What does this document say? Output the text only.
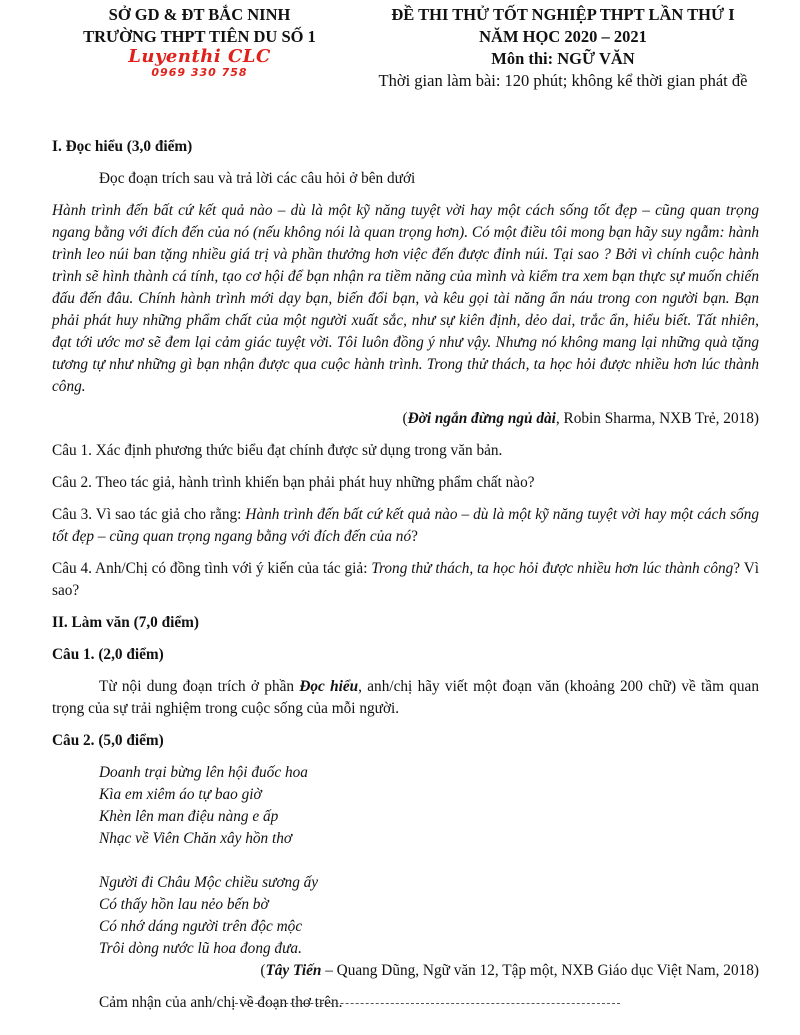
SỞ GD & ĐT BẮC NINH
TRƯỜNG THPT TIÊN DU SỐ 1
Luyenthi CLC
0969 330 758
ĐỀ THI THỬ TỐT NGHIỆP THPT LẦN THỨ I
NĂM HỌC 2020 – 2021
Môn thi: NGỮ VĂN
Thời gian làm bài: 120 phút; không kể thời gian phát đề

I. Đọc hiểu (3,0 điểm)

Đọc đoạn trích sau và trả lời các câu hỏi ở bên dưới

Hành trình đến bất cứ kết quả nào – dù là một kỹ năng tuyệt vời hay một cách sống tốt đẹp – cũng quan trọng ngang bằng với đích đến của nó (nếu không nói là quan trọng hơn). Có một điều tôi mong bạn hãy suy ngẫm: hành trình leo núi ban tặng nhiều giá trị và phần thưởng hơn việc đến được đỉnh núi. Tại sao ? Bởi vì chính cuộc hành trình sẽ hình thành cá tính, tạo cơ hội để bạn nhận ra tiềm năng của mình và kiểm tra xem bạn thực sự muốn chiến đấu đến đâu. Chính hành trình mới dạy bạn, biến đổi bạn, và kêu gọi tài năng ẩn náu trong con người bạn. Bạn phải phát huy những phẩm chất của một người xuất sắc, như sự kiên định, dẻo dai, trắc ẩn, hiểu biết. Tất nhiên, đạt tới ước mơ sẽ đem lại cảm giác tuyệt vời. Tôi luôn đồng ý như vậy. Nhưng nó không mang lại những quà tặng tương tự như những gì bạn nhận được qua cuộc hành trình. Trong thử thách, ta học hỏi được nhiều hơn lúc thành công.

(Đời ngắn đừng ngủ dài, Robin Sharma, NXB Trẻ, 2018)

Câu 1. Xác định phương thức biểu đạt chính được sử dụng trong văn bản.

Câu 2. Theo tác giả, hành trình khiến bạn phải phát huy những phẩm chất nào?

Câu 3. Vì sao tác giả cho rằng: Hành trình đến bất cứ kết quả nào – dù là một kỹ năng tuyệt vời hay một cách sống tốt đẹp – cũng quan trọng ngang bằng với đích đến của nó?

Câu 4. Anh/Chị có đồng tình với ý kiến của tác giả: Trong thử thách, ta học hỏi được nhiều hơn lúc thành công? Vì sao?

II. Làm văn (7,0 điểm)

Câu 1. (2,0 điểm)

Từ nội dung đoạn trích ở phần Đọc hiểu, anh/chị hãy viết một đoạn văn (khoảng 200 chữ) về tầm quan trọng của sự trải nghiệm trong cuộc sống của mỗi người.

Câu 2. (5,0 điểm)

Doanh trại bừng lên hội đuốc hoa
Kìa em xiêm áo tự bao giờ
Khèn lên man điệu nàng e ấp
Nhạc về Viên Chăn xây hồn thơ
Người đi Châu Mộc chiều sương ấy
Có thấy hồn lau nẻo bến bờ
Có nhớ dáng người trên độc mộc
Trôi dòng nước lũ hoa đong đưa.

(Tây Tiến – Quang Dũng, Ngữ văn 12, Tập một, NXB Giáo dục Việt Nam, 2018)

Cảm nhận của anh/chị về đoạn thơ trên.
